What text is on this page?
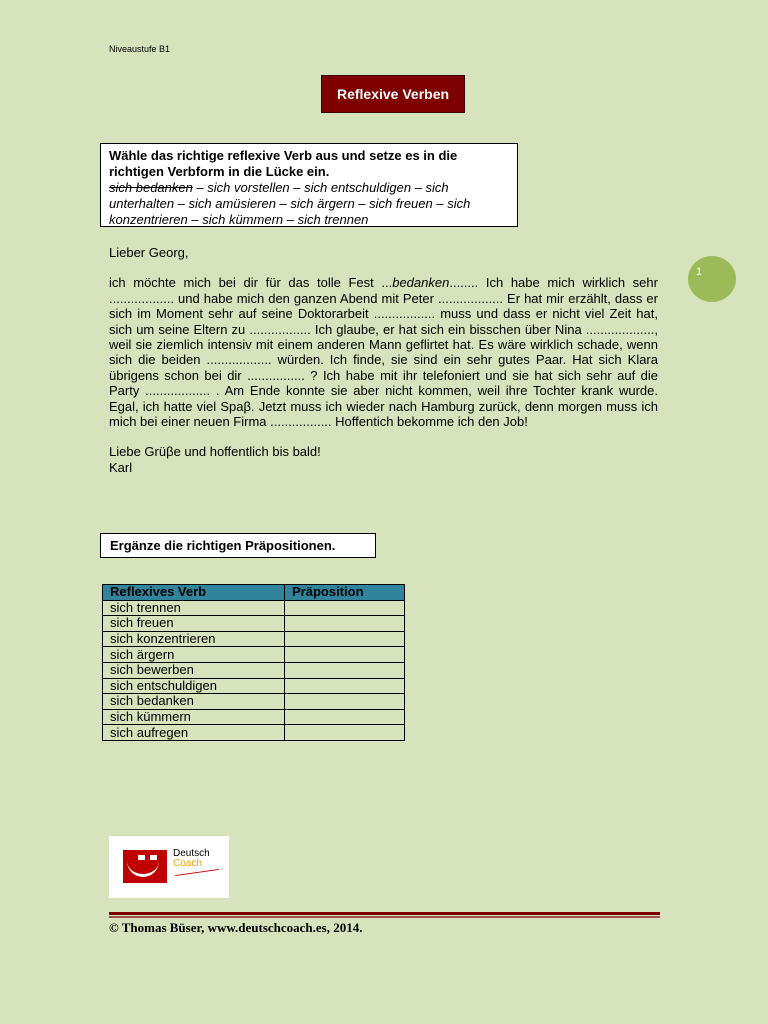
Niveaustufe B1
Reflexive Verben
Wähle das richtige reflexive Verb aus und setze es in die richtigen Verbform in die Lücke ein.
sich bedanken – sich vorstellen – sich entschuldigen – sich unterhalten – sich amüsieren – sich ärgern – sich freuen – sich konzentrieren – sich kümmern – sich trennen
1

Lieber Georg,

ich möchte mich bei dir für das tolle Fest ...bedanken........ Ich habe mich wirklich sehr .................. und habe mich den ganzen Abend mit Peter .................. Er hat mir erzählt, dass er sich im Moment sehr auf seine Doktorarbeit ................. muss und dass er nicht viel Zeit hat, sich um seine Eltern zu ................. Ich glaube, er hat sich ein bisschen über Nina ..................., weil sie ziemlich intensiv mit einem anderen Mann geflirtet hat. Es wäre wirklich schade, wenn sich die beiden .................. würden. Ich finde, sie sind ein sehr gutes Paar. Hat sich Klara übrigens schon bei dir ................ ? Ich habe mit ihr telefoniert und sie hat sich sehr auf die Party .................. . Am Ende konnte sie aber nicht kommen, weil ihre Tochter krank wurde. Egal, ich hatte viel Spaβ. Jetzt muss ich wieder nach Hamburg zurück, denn morgen muss ich mich bei einer neuen Firma ................. Hoffentich bekomme ich den Job!

Liebe Grüβe und hoffentlich bis bald!

Karl

Ergänze die richtigen Präpositionen.
Reflexives Verb	Präposition
sich trennen	
sich freuen	
sich konzentrieren	
sich ärgern	
sich bewerben	
sich entschuldigen	
sich bedanken	
sich kümmern	
sich aufregen	
Deutsch
Coach
© Thomas Büser, www.deutschcoach.es, 2014.
